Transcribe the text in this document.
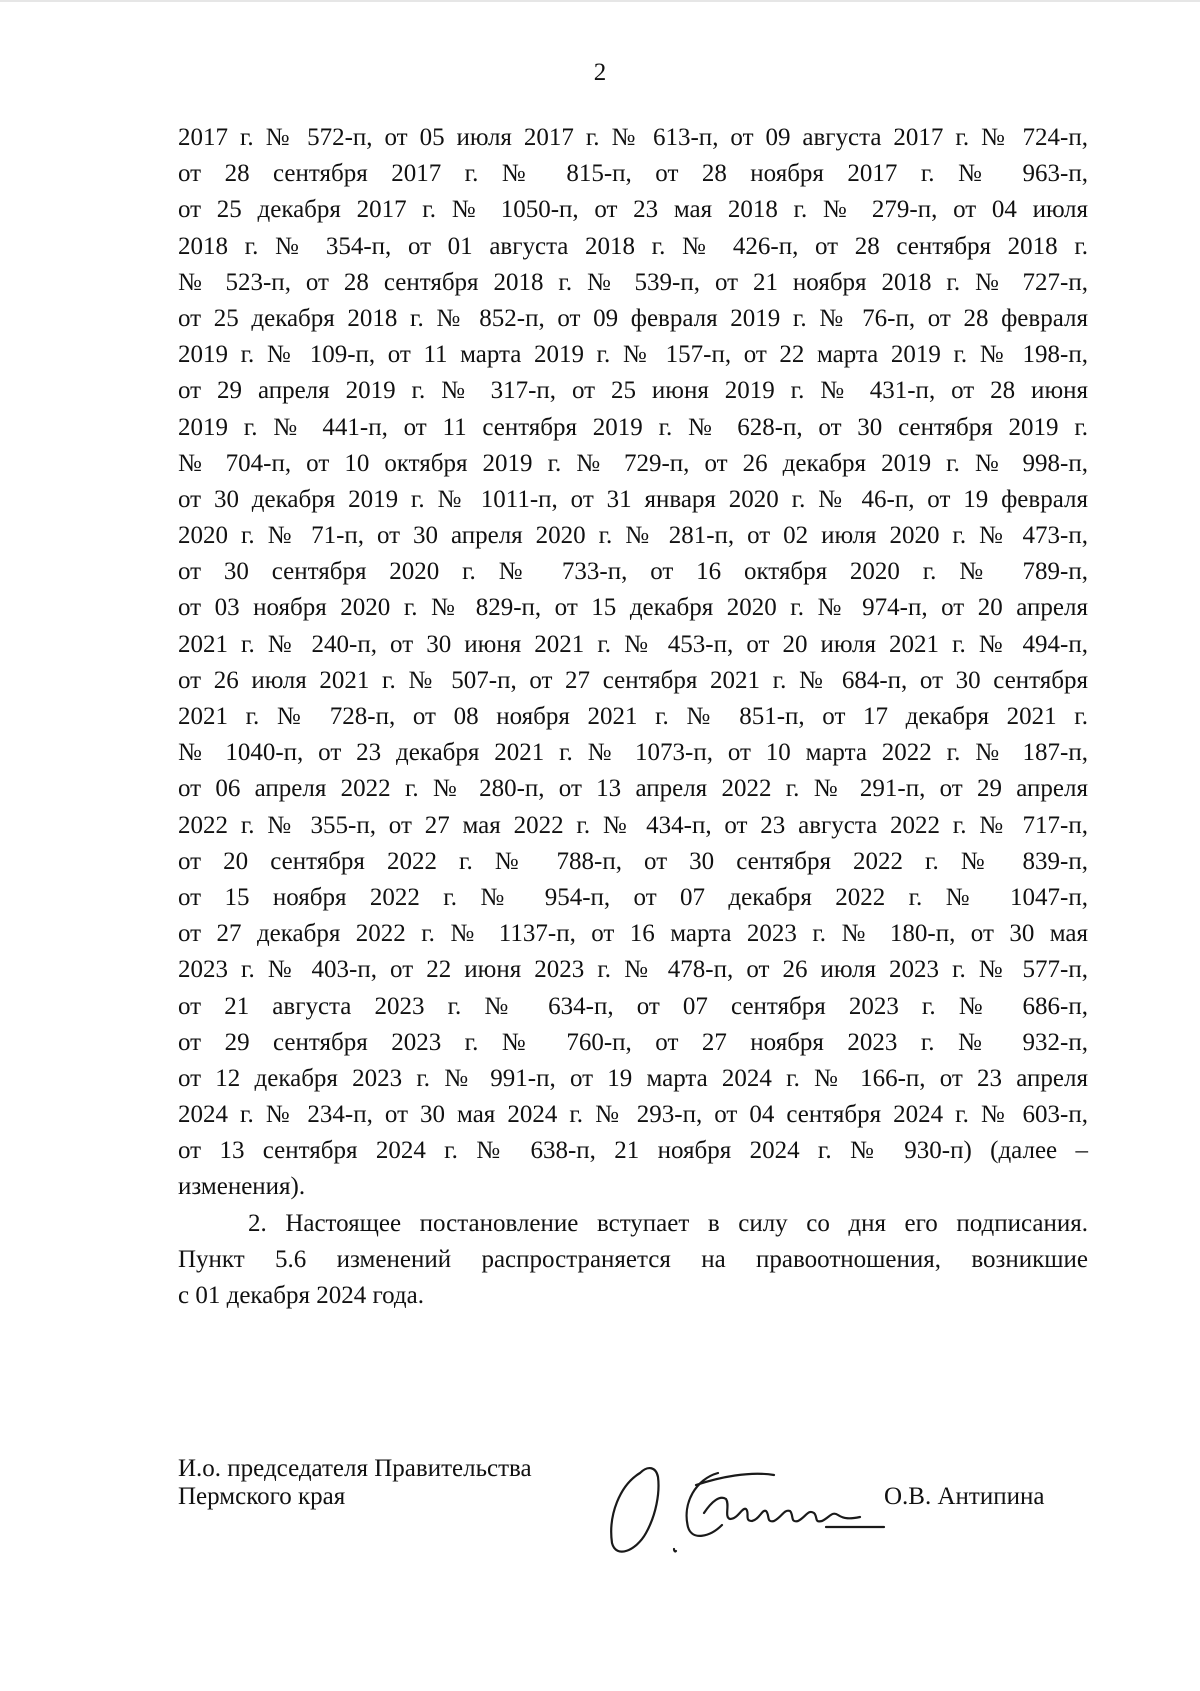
2
2017 г. № 572-п, от 05 июля 2017 г. № 613-п, от 09 августа 2017 г. № 724-п,
от 28 сентября 2017 г. № 815-п, от 28 ноября 2017 г. № 963-п,
от 25 декабря 2017 г. № 1050-п, от 23 мая 2018 г. № 279-п, от 04 июля
2018 г. № 354-п, от 01 августа 2018 г. № 426-п, от 28 сентября 2018 г.
№ 523-п, от 28 сентября 2018 г. № 539-п, от 21 ноября 2018 г. № 727-п,
от 25 декабря 2018 г. № 852-п, от 09 февраля 2019 г. № 76-п, от 28 февраля
2019 г. № 109-п, от 11 марта 2019 г. № 157-п, от 22 марта 2019 г. № 198-п,
от 29 апреля 2019 г. № 317-п, от 25 июня 2019 г. № 431-п, от 28 июня
2019 г. № 441-п, от 11 сентября 2019 г. № 628-п, от 30 сентября 2019 г.
№ 704-п, от 10 октября 2019 г. № 729-п, от 26 декабря 2019 г. № 998-п,
от 30 декабря 2019 г. № 1011-п, от 31 января 2020 г. № 46-п, от 19 февраля
2020 г. № 71-п, от 30 апреля 2020 г. № 281-п, от 02 июля 2020 г. № 473-п,
от 30 сентября 2020 г. № 733-п, от 16 октября 2020 г. № 789-п,
от 03 ноября 2020 г. № 829-п, от 15 декабря 2020 г. № 974-п, от 20 апреля
2021 г. № 240-п, от 30 июня 2021 г. № 453-п, от 20 июля 2021 г. № 494-п,
от 26 июля 2021 г. № 507-п, от 27 сентября 2021 г. № 684-п, от 30 сентября
2021 г. № 728-п, от 08 ноября 2021 г. № 851-п, от 17 декабря 2021 г.
№ 1040-п, от 23 декабря 2021 г. № 1073-п, от 10 марта 2022 г. № 187-п,
от 06 апреля 2022 г. № 280-п, от 13 апреля 2022 г. № 291-п, от 29 апреля
2022 г. № 355-п, от 27 мая 2022 г. № 434-п, от 23 августа 2022 г. № 717-п,
от 20 сентября 2022 г. № 788-п, от 30 сентября 2022 г. № 839-п,
от 15 ноября 2022 г. № 954-п, от 07 декабря 2022 г. № 1047-п,
от 27 декабря 2022 г. № 1137-п, от 16 марта 2023 г. № 180-п, от 30 мая
2023 г. № 403-п, от 22 июня 2023 г. № 478-п, от 26 июля 2023 г. № 577-п,
от 21 августа 2023 г. № 634-п, от 07 сентября 2023 г. № 686-п,
от 29 сентября 2023 г. № 760-п, от 27 ноября 2023 г. № 932-п,
от 12 декабря 2023 г. № 991-п, от 19 марта 2024 г. № 166-п, от 23 апреля
2024 г. № 234-п, от 30 мая 2024 г. № 293-п, от 04 сентября 2024 г. № 603-п,
от 13 сентября 2024 г. № 638-п, 21 ноября 2024 г. № 930-п) (далее –
изменения).
2. Настоящее постановление вступает в силу со дня его подписания.
Пункт 5.6 изменений распространяется на правоотношения, возникшие
с 01 декабря 2024 года.
И.о. председателя Правительства
Пермского края	О.В. Антипина
